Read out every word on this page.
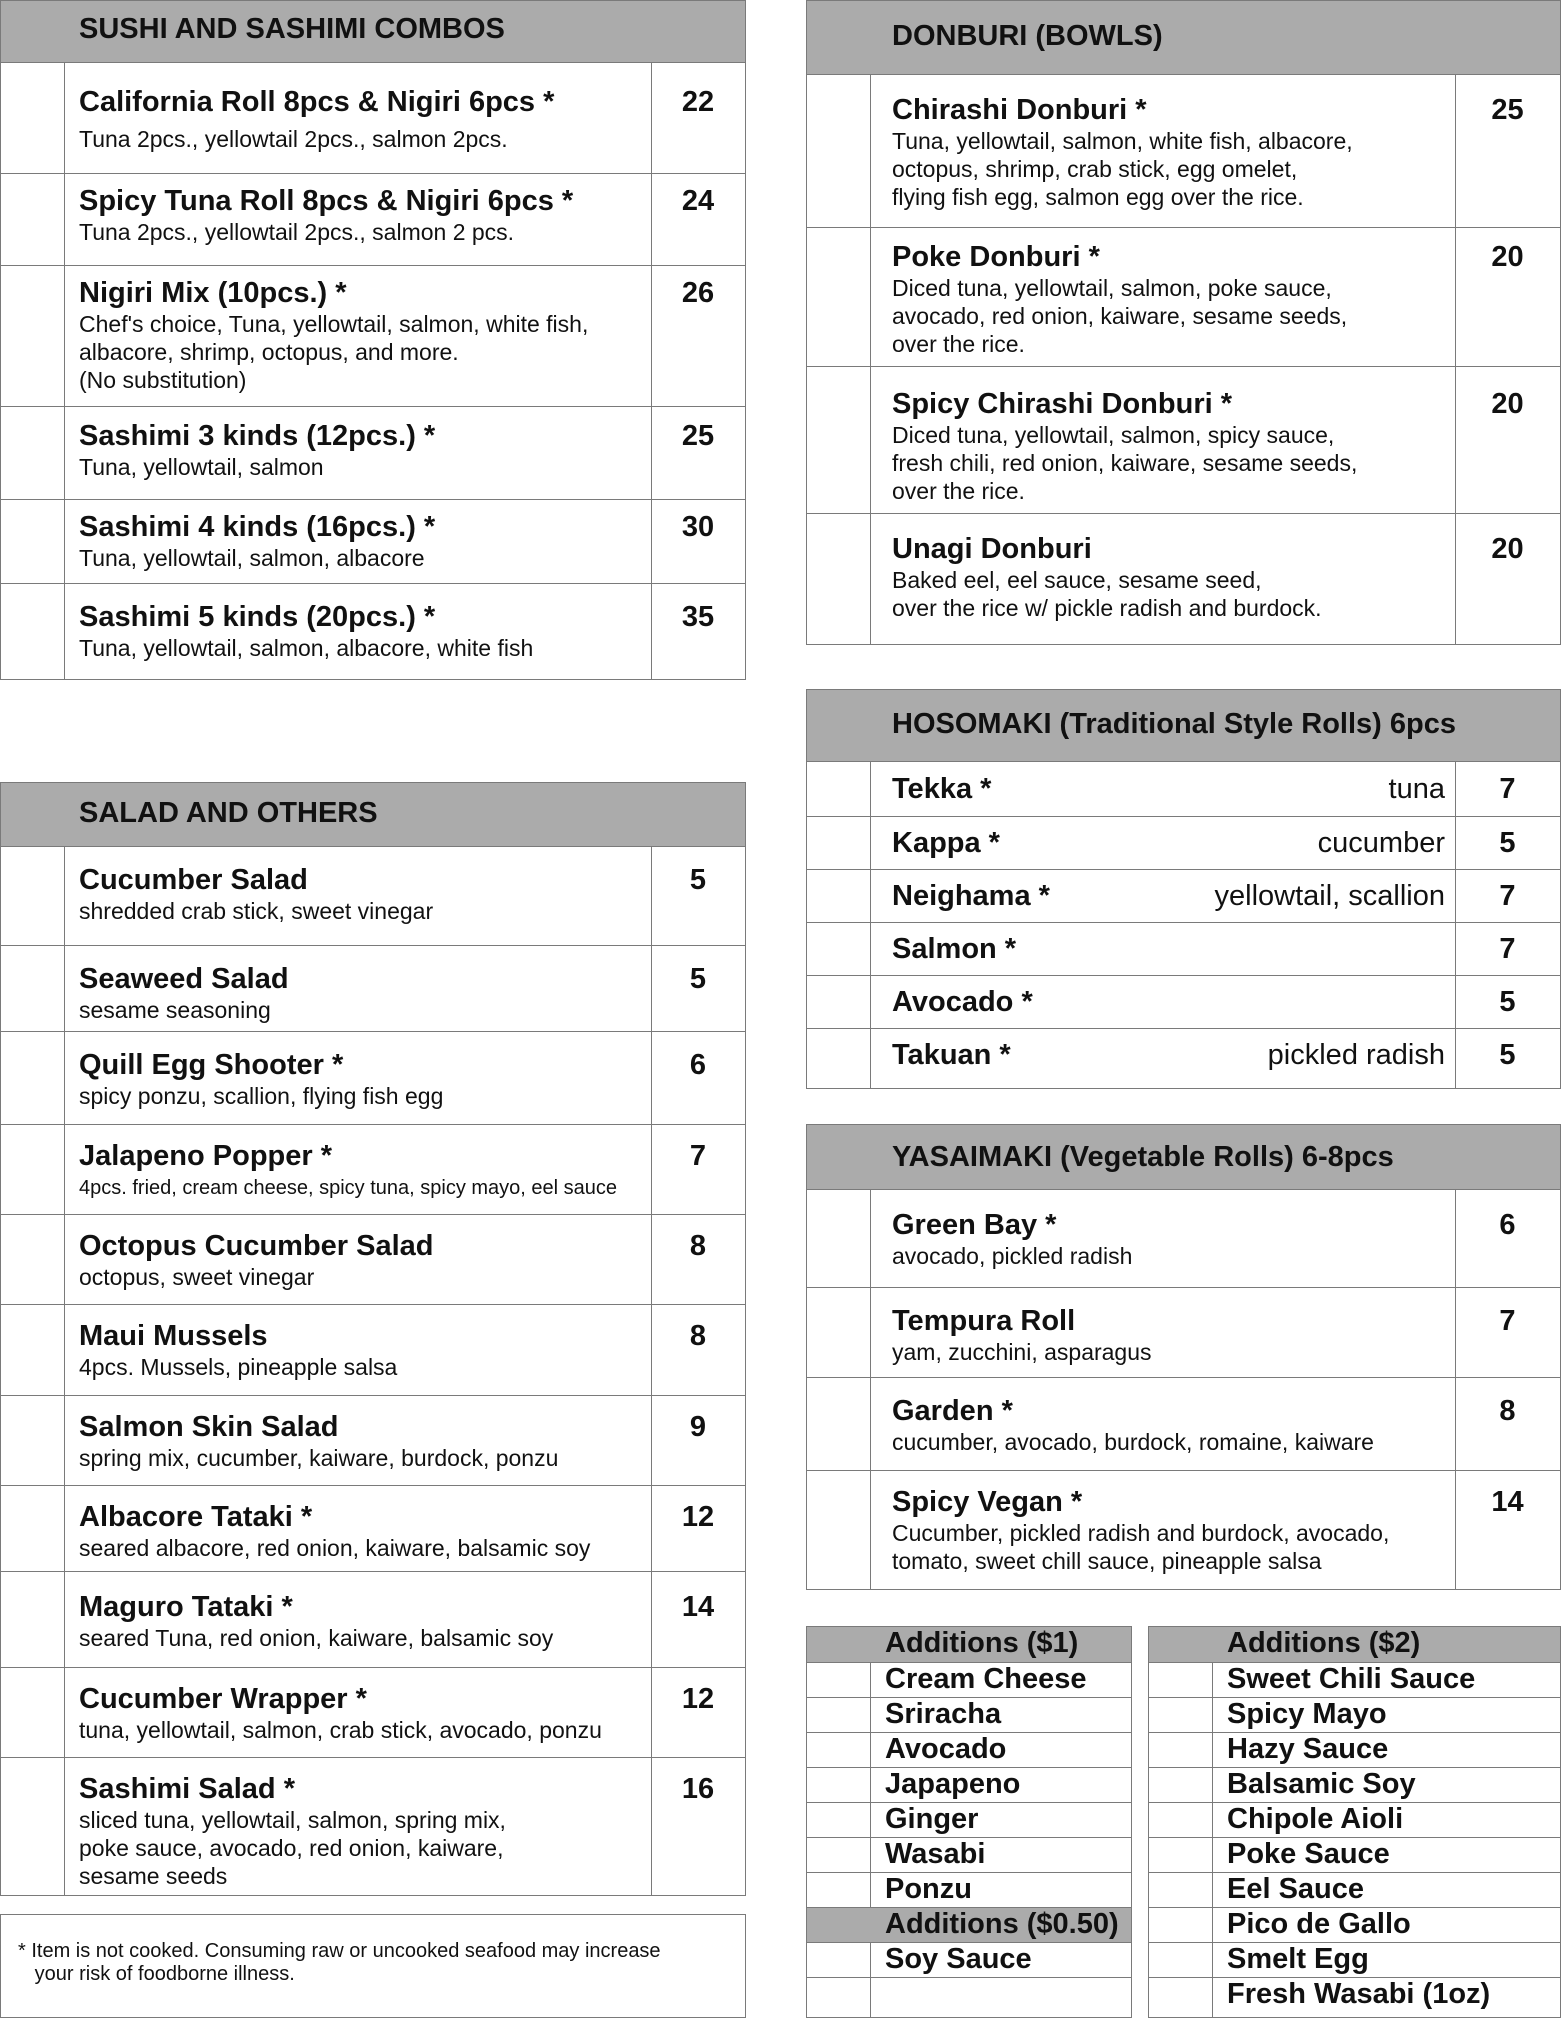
SUSHI AND SASHIMI COMBOS
California Roll 8pcs & Nigiri 6pcs *
Tuna 2pcs., yellowtail 2pcs., salmon 2pcs.
22
Spicy Tuna Roll 8pcs & Nigiri 6pcs *
Tuna 2pcs., yellowtail 2pcs., salmon 2 pcs.
24
Nigiri Mix (10pcs.) *
Chef's choice, Tuna, yellowtail, salmon, white fish,
albacore, shrimp, octopus, and more.
(No substitution)
26
Sashimi 3 kinds (12pcs.) *
Tuna, yellowtail, salmon
25
Sashimi 4 kinds (16pcs.) *
Tuna, yellowtail, salmon, albacore
30
Sashimi 5 kinds (20pcs.) *
Tuna, yellowtail, salmon, albacore, white fish
35
SALAD AND OTHERS
Cucumber Salad
shredded crab stick, sweet vinegar
5
Seaweed Salad
sesame seasoning
5
Quill Egg Shooter *
spicy ponzu, scallion, flying fish egg
6
Jalapeno Popper *
4pcs. fried, cream cheese, spicy tuna, spicy mayo, eel sauce
7
Octopus Cucumber Salad
octopus, sweet vinegar
8
Maui Mussels
4pcs. Mussels, pineapple salsa
8
Salmon Skin Salad
spring mix, cucumber, kaiware, burdock, ponzu
9
Albacore Tataki *
seared albacore, red onion, kaiware, balsamic soy
12
Maguro Tataki *
seared Tuna, red onion, kaiware, balsamic soy
14
Cucumber Wrapper *
tuna, yellowtail, salmon, crab stick, avocado, ponzu
12
Sashimi Salad *
sliced tuna, yellowtail, salmon, spring mix,
poke sauce, avocado, red onion, kaiware,
sesame seeds
16
* Item is not cooked. Consuming raw or uncooked seafood may increase
your risk of foodborne illness.
DONBURI (BOWLS)
Chirashi Donburi *
Tuna, yellowtail, salmon, white fish, albacore,
octopus, shrimp, crab stick, egg omelet,
flying fish egg, salmon egg over the rice.
25
Poke Donburi *
Diced tuna, yellowtail, salmon, poke sauce,
avocado, red onion, kaiware, sesame seeds,
over the rice.
20
Spicy Chirashi Donburi *
Diced tuna, yellowtail, salmon, spicy sauce,
fresh chili, red onion, kaiware, sesame seeds,
over the rice.
20
Unagi Donburi
Baked eel, eel sauce, sesame seed,
over the rice w/ pickle radish and burdock.
20
HOSOMAKI (Traditional Style Rolls) 6pcs
Tekka *	tuna	7
Kappa *	cucumber	5
Neighama *	yellowtail, scallion	7
Salmon *	7
Avocado *	5
Takuan *	pickled radish	5
YASAIMAKI (Vegetable Rolls) 6-8pcs
Green Bay *
avocado, pickled radish
6
Tempura Roll
yam, zucchini, asparagus
7
Garden *
cucumber, avocado, burdock, romaine, kaiware
8
Spicy Vegan *
Cucumber, pickled radish and burdock, avocado,
tomato, sweet chill sauce, pineapple salsa
14
Additions ($1)
Cream Cheese
Sriracha
Avocado
Japapeno
Ginger
Wasabi
Ponzu
Additions ($0.50)
Soy Sauce
Additions ($2)
Sweet Chili Sauce
Spicy Mayo
Hazy Sauce
Balsamic Soy
Chipole Aioli
Poke Sauce
Eel Sauce
Pico de Gallo
Smelt Egg
Fresh Wasabi (1oz)
